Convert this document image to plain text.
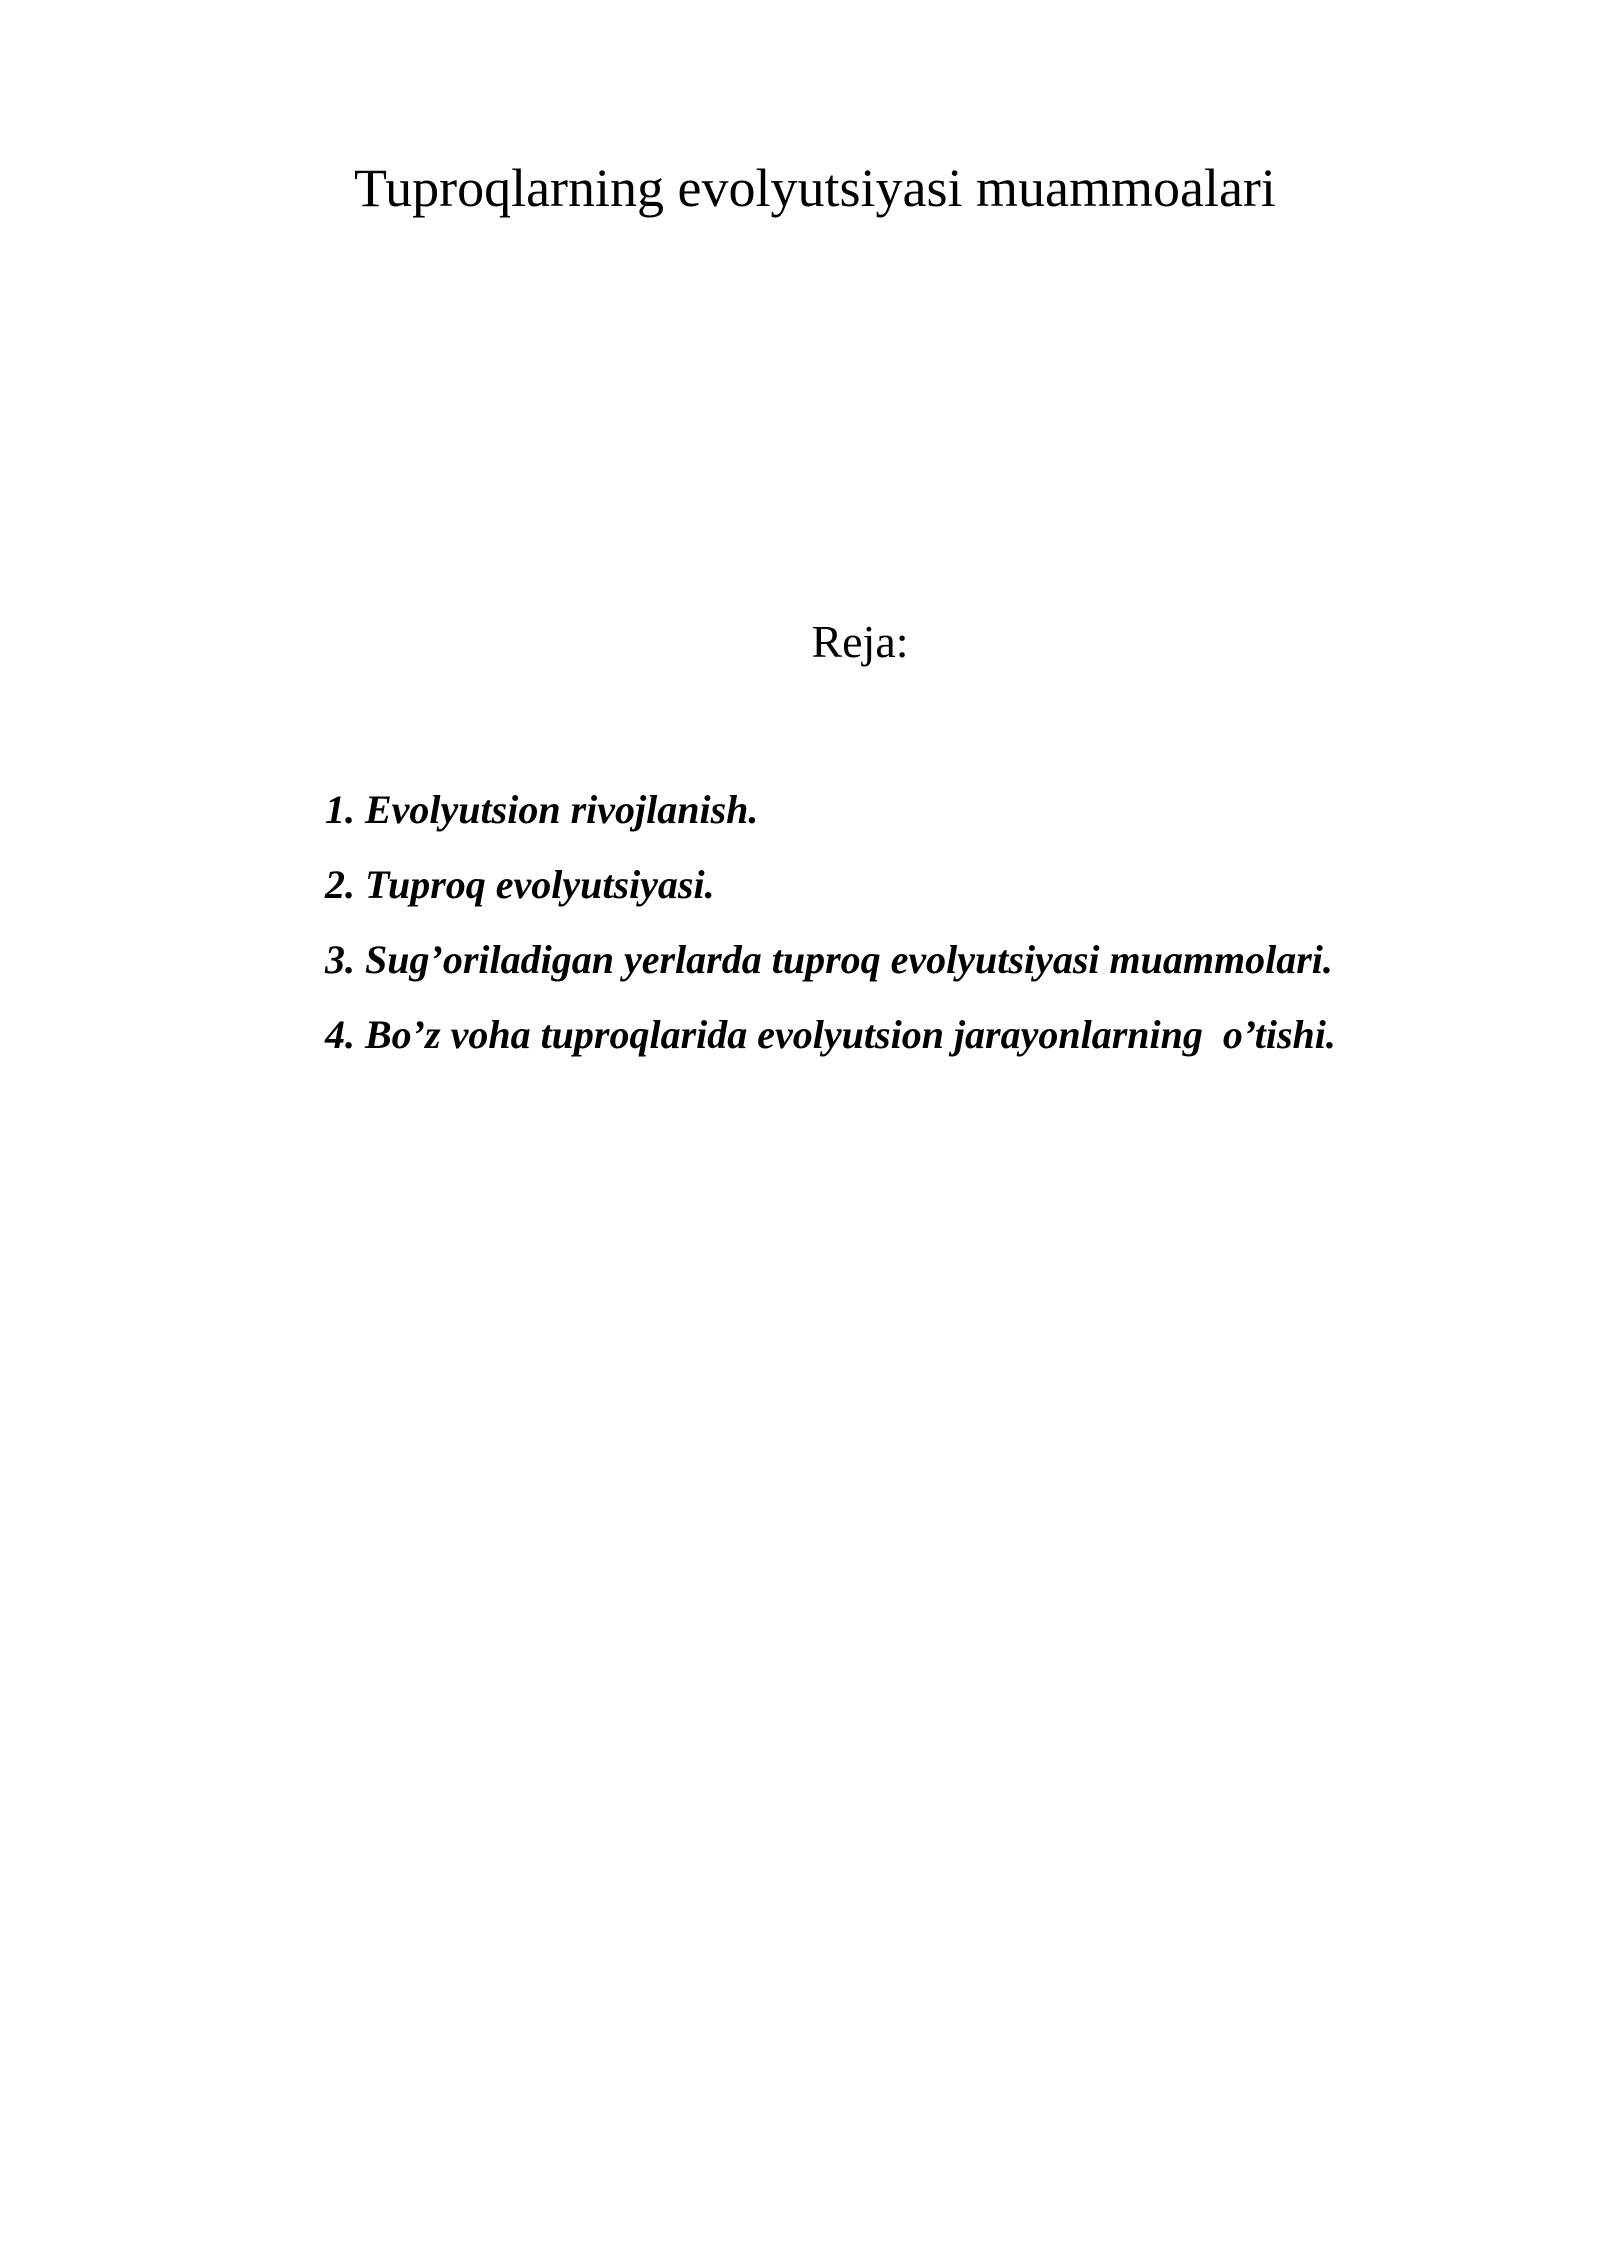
Tuproqlarning evolyutsiyasi muammoalari
Reja:
1. Evolyutsion rivojlanish.
2. Tuproq evolyutsiyasi.
3. Sug’oriladigan yerlarda tuproq evolyutsiyasi muammolari.
4. Bo’z voha tuproqlarida evolyutsion jarayonlarning  o’tishi.
